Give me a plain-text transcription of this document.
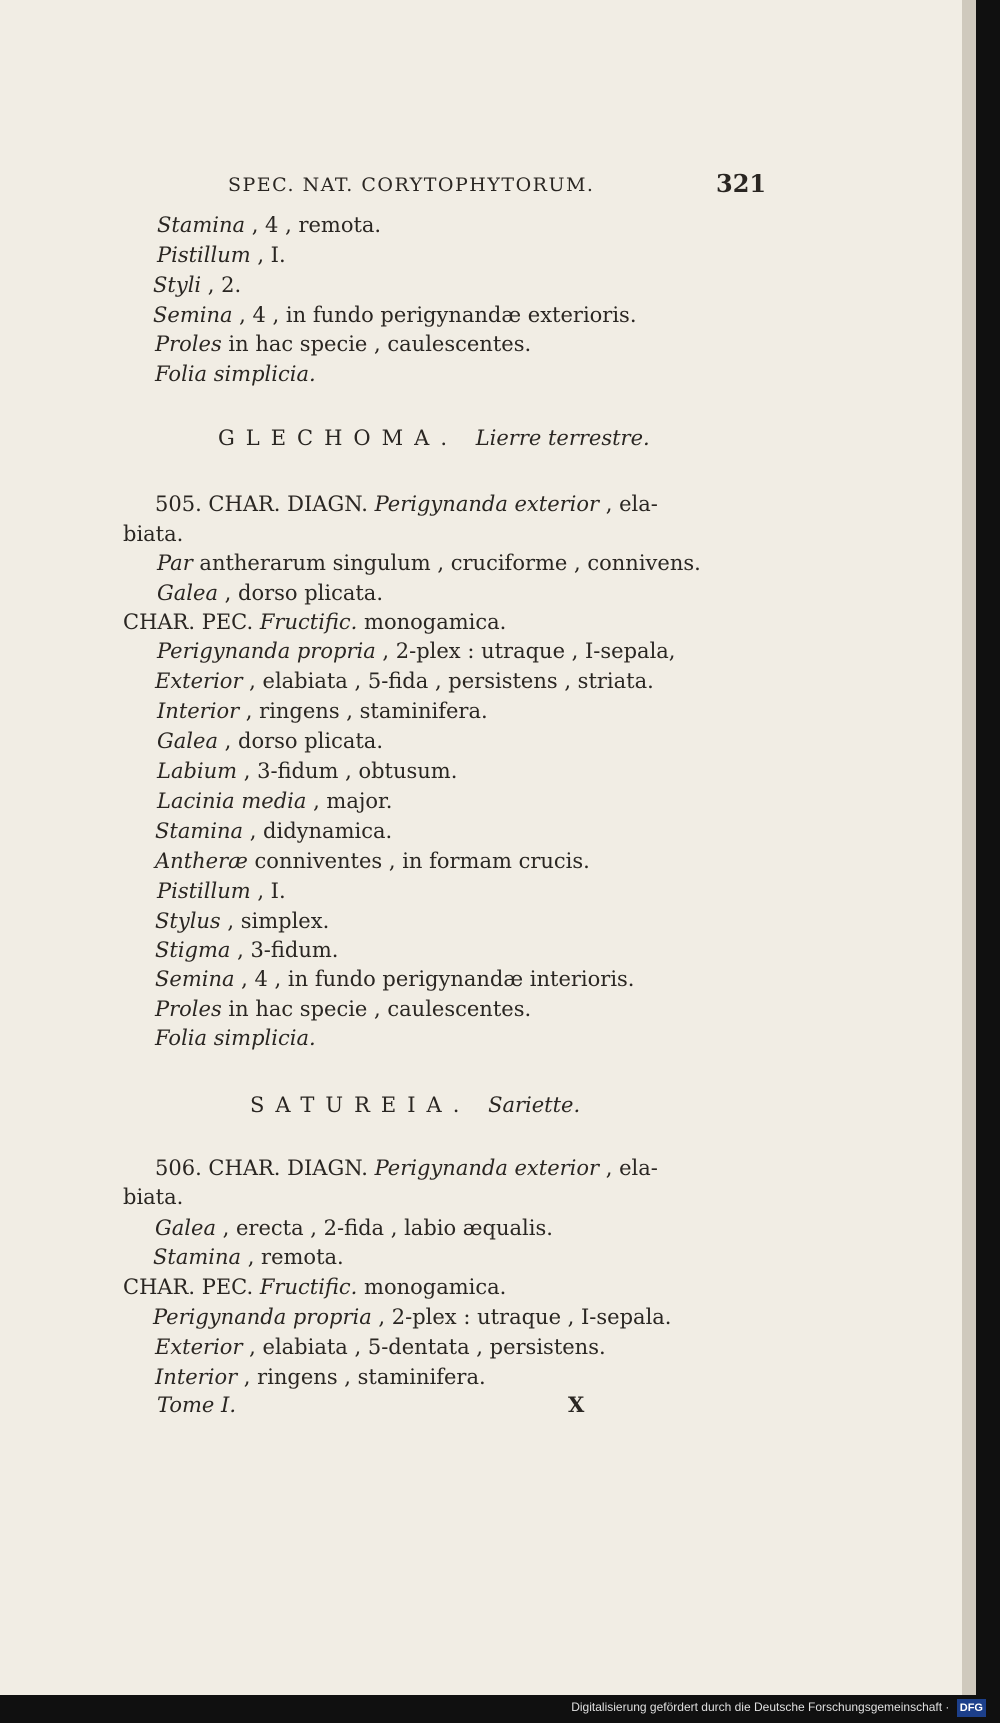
SPEC. NAT. CORYTOPHYTORUM.	321
Stamina , 4 , remota.
Pistillum , I.
Styli , 2.
Semina , 4 , in fundo perigynandæ exterioris.
Proles in hac specie , caulescentes.
Folia simplicia.
GLECHOMA. Lierre terrestre.
505. CHAR. DIAGN. Perigynanda exterior , ela-
biata.
Par antherarum singulum , cruciforme , connivens.
Galea , dorso plicata.
CHAR. PEC. Fructific. monogamica.
Perigynanda propria , 2-plex : utraque , I-sepala,
Exterior , elabiata , 5-fida , persistens , striata.
Interior , ringens , staminifera.
Galea , dorso plicata.
Labium , 3-fidum , obtusum.
Lacinia media , major.
Stamina , didynamica.
Antheræ conniventes , in formam crucis.
Pistillum , I.
Stylus , simplex.
Stigma , 3-fidum.
Semina , 4 , in fundo perigynandæ interioris.
Proles in hac specie , caulescentes.
Folia simplicia.
SATUREIA. Sariette.
506. CHAR. DIAGN. Perigynanda exterior , ela-
biata.
Galea , erecta , 2-fida , labio æqualis.
Stamina , remota.
CHAR. PEC. Fructific. monogamica.
Perigynanda propria , 2-plex : utraque , I-sepala.
Exterior , elabiata , 5-dentata , persistens.
Interior , ringens , staminifera.
Tome I.	X
Digitalisierung gefördert durch die Deutsche Forschungsgemeinschaft · DFG
